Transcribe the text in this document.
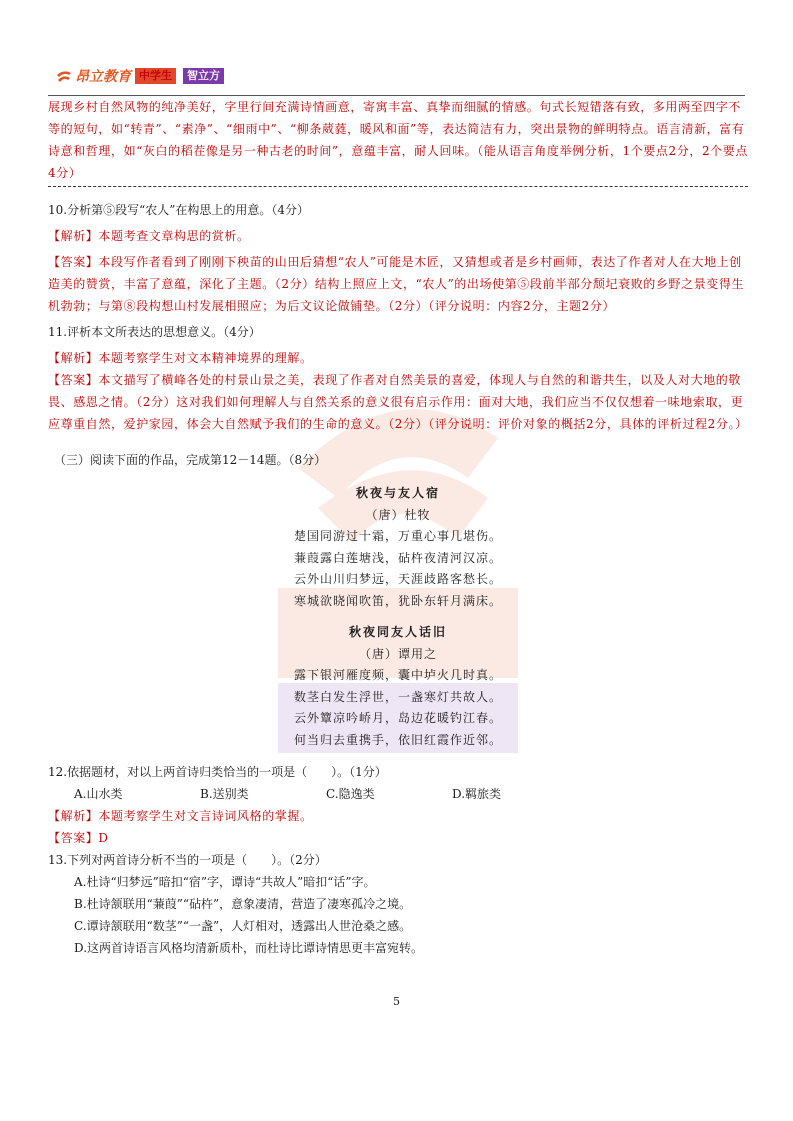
昂立教育 中学生	智立方
展现乡村自然风物的纯净美好，字里行间充满诗情画意，寄寓丰富、真挚而细腻的情感。句式长短错落有致，多用两至四字不等的短句，如“转青”、“素净”、“细雨中”、“柳条葳蕤，暖风和面”等，表达简洁有力，突出景物的鲜明特点。语言清新，富有诗意和哲理，如“灰白的稻茬像是另一种古老的时间”，意蕴丰富，耐人回味。（能从语言角度举例分析，1个要点2分，2个要点4分）
10.分析第⑤段写“农人”在构思上的用意。（4分）
【解析】本题考查文章构思的赏析。
【答案】本段写作者看到了刚刚下秧苗的山田后猜想“农人”可能是木匠，又猜想或者是乡村画师，表达了作者对人在大地上创造美的赞赏，丰富了意蕴，深化了主题。（2分）结构上照应上文，“农人”的出场使第⑤段前半部分颓圮衰败的乡野之景变得生机勃勃；与第⑧段构想山村发展相照应；为后文议论做铺垫。（2分）（评分说明：内容2分，主题2分）
11.评析本文所表达的思想意义。（4分）
【解析】本题考察学生对文本精神境界的理解。
【答案】本文描写了横峰各处的村景山景之美，表现了作者对自然美景的喜爱，体现人与自然的和谐共生，以及人对大地的敬畏、感恩之情。（2分）这对我们如何理解人与自然关系的意义很有启示作用：面对大地，我们应当不仅仅想着一味地索取，更应尊重自然，爱护家园，体会大自然赋予我们的生命的意义。（2分）（评分说明：评价对象的概括2分，具体的评析过程2分。）
（三）阅读下面的作品，完成第12－14题。（8分）
秋夜与友人宿
（唐）杜牧
楚国同游过十霜，万重心事几堪伤。
蒹葭露白莲塘浅，砧杵夜清河汉凉。
云外山川归梦远，天涯歧路客愁长。
寒城欲晓闻吹笛，犹卧东轩月满床。
秋夜同友人话旧
（唐）谭用之
露下银河雁度频，囊中垆火几时真。
数茎白发生浮世，一盏寒灯共故人。
云外簟凉吟峤月，岛边花暖钓江春。
何当归去重携手，依旧红霞作近邻。
12.依据题材，对以上两首诗归类恰当的一项是（　　）。（1分）
A.山水类	B.送别类	C.隐逸类	D.羁旅类
【解析】本题考察学生对文言诗词风格的掌握。
【答案】D
13.下列对两首诗分析不当的一项是（　　）。（2分）
A.杜诗“归梦远”暗扣“宿”字，谭诗“共故人”暗扣“话”字。
B.杜诗颔联用“蒹葭”“砧杵”，意象凄清，营造了凄寒孤冷之境。
C.谭诗颔联用“数茎”“一盏”，人灯相对，透露出人世沧桑之感。
D.这两首诗语言风格均清新质朴，而杜诗比谭诗情思更丰富宛转。
5
